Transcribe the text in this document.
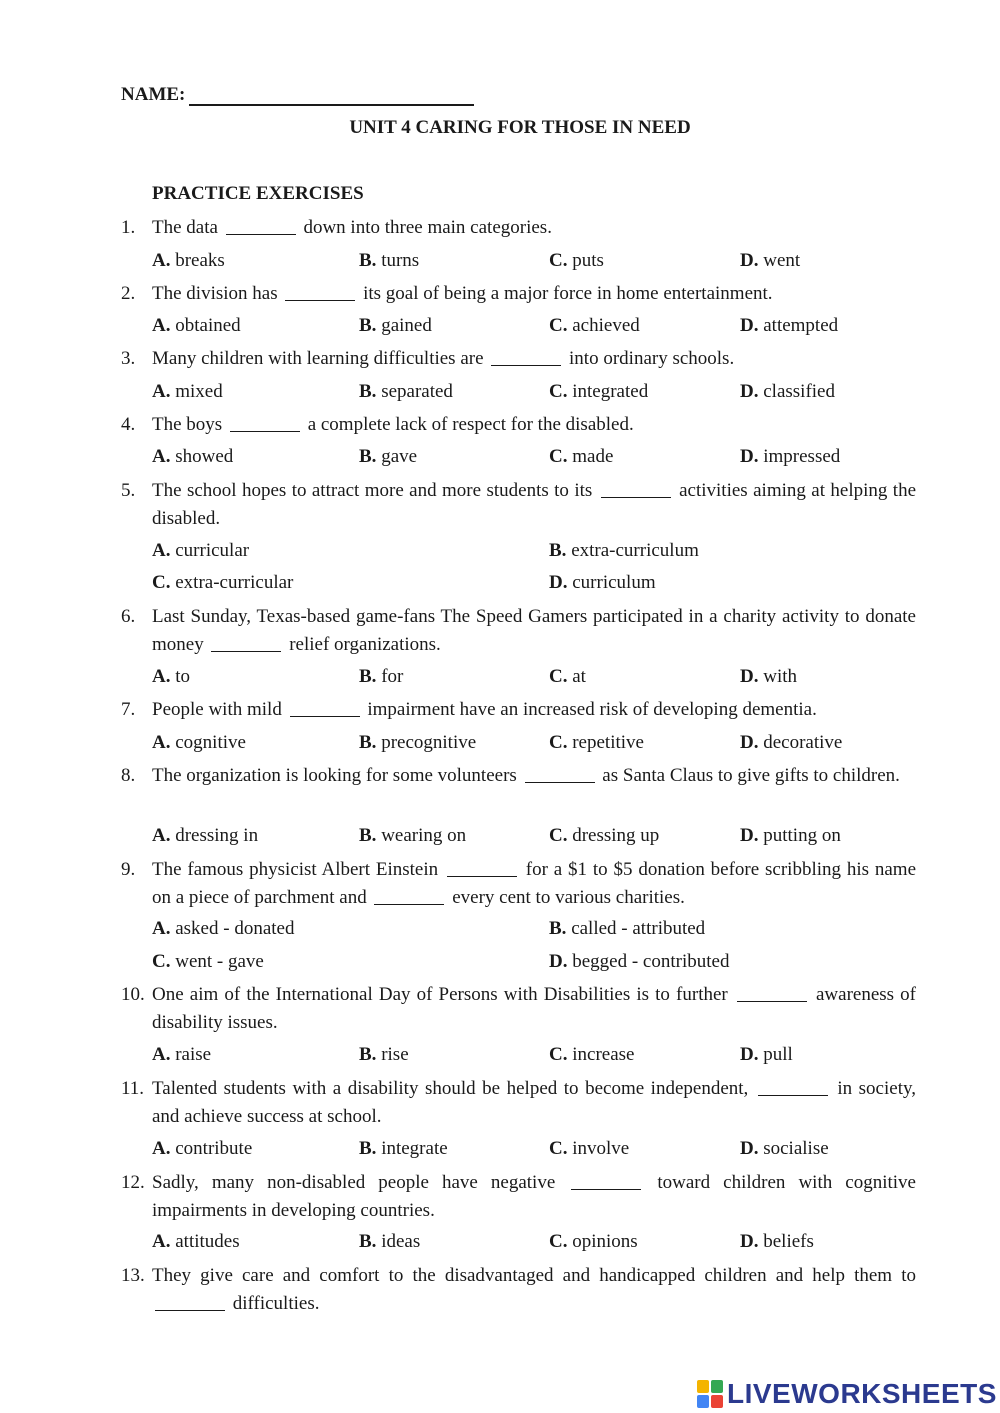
NAME:
UNIT 4 CARING FOR THOSE IN NEED
PRACTICE EXERCISES
1. The data	down into three main categories.
A. breaks	B. turns	C. puts	D. went
2. The division has	its goal of being a major force in home entertainment.
A. obtained	B. gained	C. achieved	D. attempted
3. Many children with learning difficulties are	into ordinary schools.
A. mixed	B. separated	C. integrated	D. classified
4. The boys	a complete lack of respect for the disabled.
A. showed	B. gave	C. made	D. impressed
5. The school hopes to attract more and more students to its	activities aiming at helping the disabled.
A. curricular	B. extra-curriculum
C. extra-curricular	D. curriculum
6. Last Sunday, Texas-based game-fans The Speed Gamers participated in a charity activity to donate money	relief organizations.
A. to	B. for	C. at	D. with
7. People with mild	impairment have an increased risk of developing dementia.
A. cognitive	B. precognitive	C. repetitive	D. decorative
8. The organization is looking for some volunteers	as Santa Claus to give gifts to children.
A. dressing in	B. wearing on	C. dressing up	D. putting on
9. The famous physicist Albert Einstein	for a $1 to $5 donation before scribbling his name on a piece of parchment and	every cent to various charities.
A. asked - donated	B. called - attributed
C. went - gave	D. begged - contributed
10. One aim of the International Day of Persons with Disabilities is to further	awareness of disability issues.
A. raise	B. rise	C. increase	D. pull
11. Talented students with a disability should be helped to become independent,	in society, and achieve success at school.
A. contribute	B. integrate	C. involve	D. socialise
12. Sadly, many non-disabled people have negative	toward children with cognitive impairments in developing countries.
A. attitudes	B. ideas	C. opinions	D. beliefs
13. They give care and comfort to the disadvantaged and handicapped children and help them to  difficulties.
LIVEWORKSHEETS
